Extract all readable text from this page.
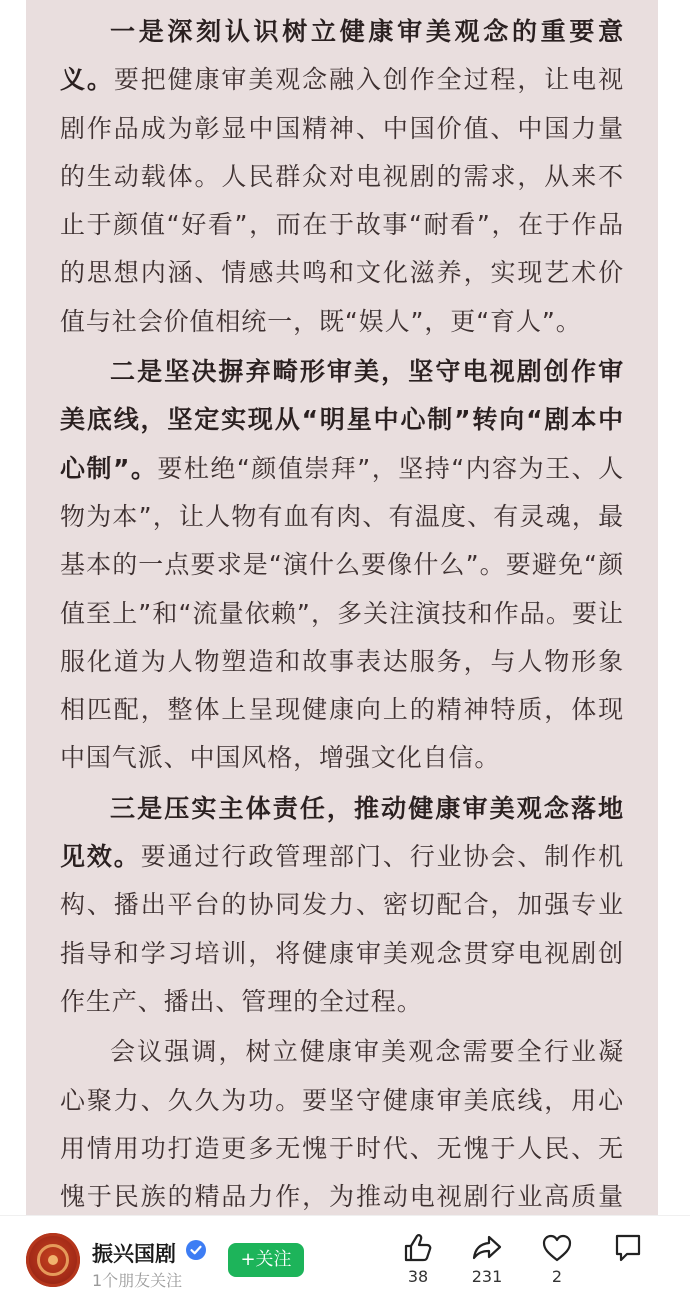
一是深刻认识树立健康审美观念的重要意义。要把健康审美观念融入创作全过程，让电视剧作品成为彰显中国精神、中国价值、中国力量的生动载体。人民群众对电视剧的需求，从来不止于颜值“好看”，而在于故事“耐看”，在于作品的思想内涵、情感共鸣和文化滋养，实现艺术价值与社会价值相统一，既“娱人”，更“育人”。

二是坚决摒弃畸形审美，坚守电视剧创作审美底线，坚定实现从“明星中心制”转向“剧本中心制”。要杜绝“颜值崇拜”，坚持“内容为王、人物为本”，让人物有血有肉、有温度、有灵魂，最基本的一点要求是“演什么要像什么”。要避免“颜值至上”和“流量依赖”，多关注演技和作品。要让服化道为人物塑造和故事表达服务，与人物形象相匹配，整体上呈现健康向上的精神特质，体现中国气派、中国风格，增强文化自信。

三是压实主体责任，推动健康审美观念落地见效。要通过行政管理部门、行业协会、制作机构、播出平台的协同发力、密切配合，加强专业指导和学习培训，将健康审美观念贯穿电视剧创作生产、播出、管理的全过程。

会议强调，树立健康审美观念需要全行业凝心聚力、久久为功。要坚守健康审美底线，用心用情用功打造更多无愧于时代、无愧于人民、无愧于民族的精品力作，为推动电视剧行业高质量

振兴国剧
1个朋友关注
+关注
38	231	2
